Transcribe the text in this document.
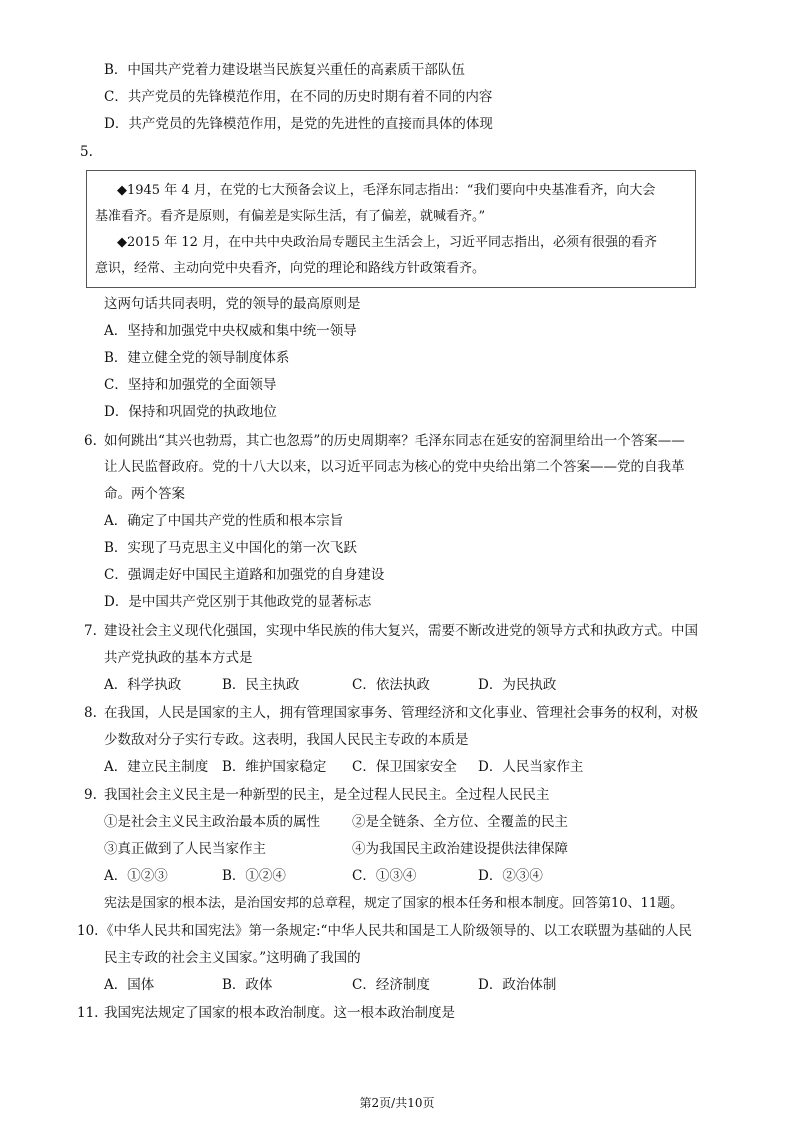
B．中国共产党着力建设堪当民族复兴重任的高素质干部队伍
C．共产党员的先锋模范作用，在不同的历史时期有着不同的内容
D．共产党员的先锋模范作用，是党的先进性的直接而具体的体现
5.
◆1945 年 4 月，在党的七大预备会议上，毛泽东同志指出：“我们要向中央基准看齐，向大会
基准看齐。看齐是原则，有偏差是实际生活，有了偏差，就喊看齐。”
◆2015 年 12 月，在中共中央政治局专题民主生活会上，习近平同志指出，必须有很强的看齐
意识，经常、主动向党中央看齐，向党的理论和路线方针政策看齐。
这两句话共同表明，党的领导的最高原则是
A．坚持和加强党中央权威和集中统一领导
B．建立健全党的领导制度体系
C．坚持和加强党的全面领导
D．保持和巩固党的执政地位
6. 如何跳出“其兴也勃焉，其亡也忽焉”的历史周期率？毛泽东同志在延安的窑洞里给出一个答案——
让人民监督政府。党的十八大以来，以习近平同志为核心的党中央给出第二个答案——党的自我革
命。两个答案
A．确定了中国共产党的性质和根本宗旨
B．实现了马克思主义中国化的第一次飞跃
C．强调走好中国民主道路和加强党的自身建设
D．是中国共产党区别于其他政党的显著标志
7. 建设社会主义现代化强国，实现中华民族的伟大复兴，需要不断改进党的领导方式和执政方式。中国
共产党执政的基本方式是
A．科学执政	B．民主执政	C．依法执政	D．为民执政
8. 在我国，人民是国家的主人，拥有管理国家事务、管理经济和文化事业、管理社会事务的权利，对极
少数敌对分子实行专政。这表明，我国人民民主专政的本质是
A．建立民主制度 B．维护国家稳定 C．保卫国家安全 D．人民当家作主
9. 我国社会主义民主是一种新型的民主，是全过程人民民主。全过程人民民主
①是社会主义民主政治最本质的属性 ②是全链条、全方位、全覆盖的民主
③真正做到了人民当家作主	④为我国民主政治建设提供法律保障
A．①②③	B．①②④	C．①③④	D．②③④
宪法是国家的根本法，是治国安邦的总章程，规定了国家的根本任务和根本制度。回答第10、11题。
10. 《中华人民共和国宪法》第一条规定:“中华人民共和国是工人阶级领导的、以工农联盟为基础的人民
民主专政的社会主义国家。”这明确了我国的
A．国体	B．政体	C．经济制度	D．政治体制
11. 我国宪法规定了国家的根本政治制度。这一根本政治制度是
第2页/共10页
